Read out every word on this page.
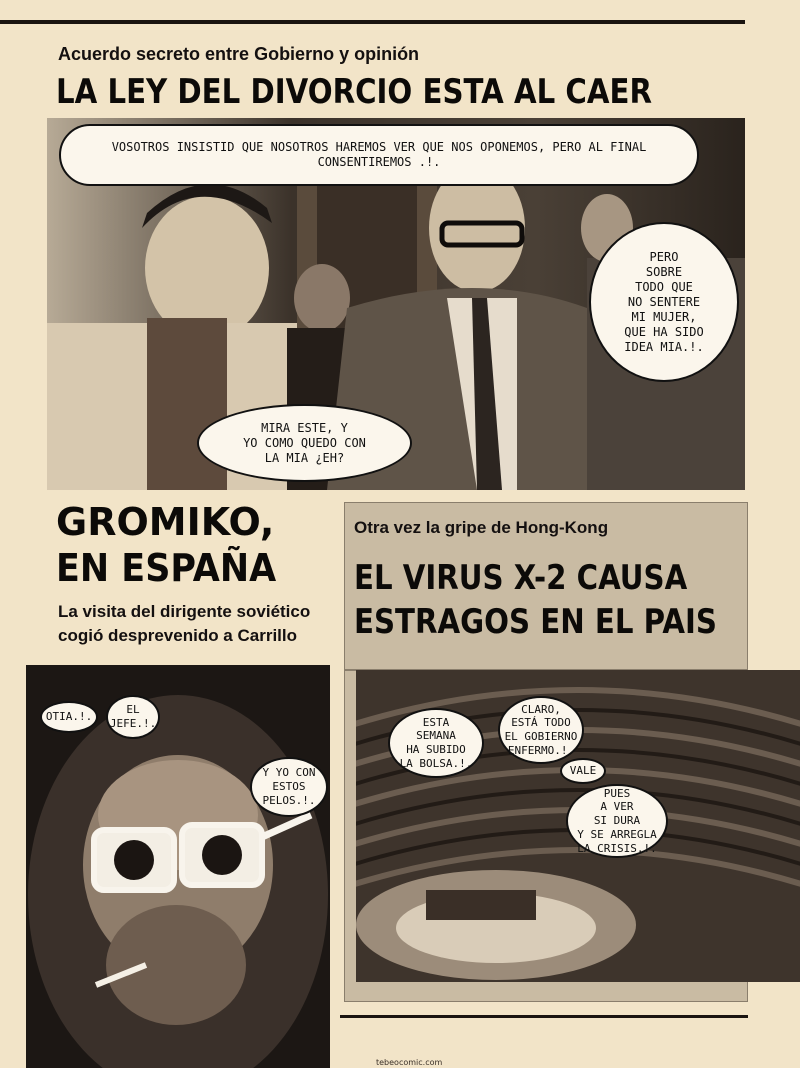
Acuerdo secreto entre Gobierno y opinión
LA LEY DEL DIVORCIO ESTA AL CAER
VOSOTROS INSISTID QUE NOSOTROS HAREMOS VER QUE NOS OPONEMOS, PERO AL FINAL CONSENTIREMOS .!.
PERO
SOBRE
TODO QUE
NO SENTERE
MI MUJER,
QUE HA SIDO
IDEA MIA.!.
MIRA ESTE, Y
YO COMO QUEDO CON
LA MIA ¿EH?
GROMIKO,
EN ESPAÑA
La visita del dirigente soviético
cogió desprevenido a Carrillo
OTIA.!.
EL
JEFE.!.
Y YO CON
ESTOS
PELOS.!.
Otra vez la gripe de Hong-Kong
EL VIRUS X-2 CAUSA
ESTRAGOS EN EL PAIS
ESTA
SEMANA
HA SUBIDO
LA BOLSA.!.
CLARO,
ESTÁ TODO
EL GOBIERNO
ENFERMO.!.
VALE
PUES
A VER
SI DURA
Y SE ARREGLA
LA CRISIS.!.
tebeocomic.com
